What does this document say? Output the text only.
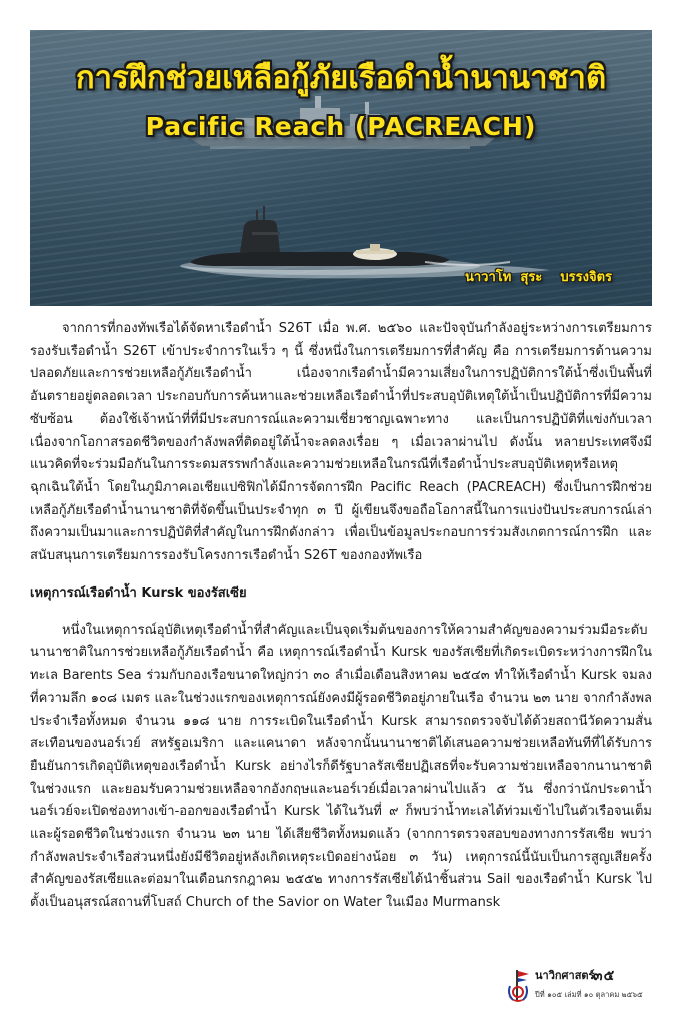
การฝึกช่วยเหลือกู้ภัยเรือดำน้ำนานาชาติ
Pacific Reach (PACREACH)
นาวาโท  สุระ    บรรงจิตร

จากการที่กองทัพเรือได้จัดหาเรือดำน้ำ S26T เมื่อ พ.ศ. ๒๕๖๐ และปัจจุบันกำลังอยู่ระหว่างการเตรียมการรองรับเรือดำน้ำ S26T เข้าประจำการในเร็ว ๆ นี้ ซึ่งหนึ่งในการเตรียมการที่สำคัญ คือ การเตรียมการด้านความปลอดภัยและการช่วยเหลือกู้ภัยเรือดำน้ำ เนื่องจากเรือดำน้ำมีความเสี่ยงในการปฏิบัติการใต้น้ำซึ่งเป็นพื้นที่อันตรายอยู่ตลอดเวลา ประกอบกับการค้นหาและช่วยเหลือเรือดำน้ำที่ประสบอุบัติเหตุใต้น้ำเป็นปฏิบัติการที่มีความซับซ้อน ต้องใช้เจ้าหน้าที่ที่มีประสบการณ์และความเชี่ยวชาญเฉพาะทาง และเป็นการปฏิบัติที่แข่งกับเวลา เนื่องจากโอกาสรอดชีวิตของกำลังพลที่ติดอยู่ใต้น้ำจะลดลงเรื่อย ๆ เมื่อเวลาผ่านไป ดังนั้น หลายประเทศจึงมีแนวคิดที่จะร่วมมือกันในการระดมสรรพกำลังและความช่วยเหลือในกรณีที่เรือดำน้ำประสบอุบัติเหตุหรือเหตุฉุกเฉินใต้น้ำ โดยในภูมิภาคเอเชียแปซิฟิกได้มีการจัดการฝึก Pacific Reach (PACREACH) ซึ่งเป็นการฝึกช่วยเหลือกู้ภัยเรือดำน้ำนานาชาติที่จัดขึ้นเป็นประจำทุก ๓ ปี ผู้เขียนจึงขอถือโอกาสนี้ในการแบ่งปันประสบการณ์เล่าถึงความเป็นมาและการปฏิบัติที่สำคัญในการฝึกดังกล่าว เพื่อเป็นข้อมูลประกอบการร่วมสังเกตการณ์การฝึก และสนับสนุนการเตรียมการรองรับโครงการเรือดำน้ำ S26T ของกองทัพเรือ

เหตุการณ์เรือดำน้ำ Kursk ของรัสเซีย

หนึ่งในเหตุการณ์อุบัติเหตุเรือดำน้ำที่สำคัญและเป็นจุดเริ่มต้นของการให้ความสำคัญของความร่วมมือระดับนานาชาติในการช่วยเหลือกู้ภัยเรือดำน้ำ คือ เหตุการณ์เรือดำน้ำ Kursk ของรัสเซียที่เกิดระเบิดระหว่างการฝึกในทะเล Barents Sea ร่วมกับกองเรือขนาดใหญ่กว่า ๓๐ ลำเมื่อเดือนสิงหาคม ๒๕๔๓ ทำให้เรือดำน้ำ Kursk จมลงที่ความลึก ๑๐๘ เมตร และในช่วงแรกของเหตุการณ์ยังคงมีผู้รอดชีวิตอยู่ภายในเรือ จำนวน ๒๓ นาย จากกำลังพลประจำเรือทั้งหมด จำนวน ๑๑๘ นาย การระเบิดในเรือดำน้ำ Kursk สามารถตรวจจับได้ด้วยสถานีวัดความสั่นสะเทือนของนอร์เวย์ สหรัฐอเมริกา และแคนาดา หลังจากนั้นนานาชาติได้เสนอความช่วยเหลือทันทีที่ได้รับการยืนยันการเกิดอุบัติเหตุของเรือดำน้ำ Kursk อย่างไรก็ดีรัฐบาลรัสเซียปฏิเสธที่จะรับความช่วยเหลือจากนานาชาติในช่วงแรก และยอมรับความช่วยเหลือจากอังกฤษและนอร์เวย์เมื่อเวลาผ่านไปแล้ว ๕ วัน ซึ่งกว่านักประดาน้ำนอร์เวย์จะเปิดช่องทางเข้า-ออกของเรือดำน้ำ Kursk ได้ในวันที่ ๙ ก็พบว่าน้ำทะเลได้ท่วมเข้าไปในตัวเรือจนเต็มและผู้รอดชีวิตในช่วงแรก จำนวน ๒๓ นาย ได้เสียชีวิตทั้งหมดแล้ว (จากการตรวจสอบของทางการรัสเซีย พบว่า กำลังพลประจำเรือส่วนหนึ่งยังมีชีวิตอยู่หลังเกิดเหตุระเบิดอย่างน้อย ๓ วัน) เหตุการณ์นี้นับเป็นการสูญเสียครั้งสำคัญของรัสเซียและต่อมาในเดือนกรกฎาคม ๒๕๕๒ ทางการรัสเซียได้นำชิ้นส่วน Sail ของเรือดำน้ำ Kursk ไปตั้งเป็นอนุสรณ์สถานที่โบสถ์ Church of the Savior on Water ในเมือง Murmansk

นาวิกศาสตร์
๓๕
ปีที่ ๑๐๕ เล่มที่ ๑๐ ตุลาคม ๒๕๖๕
